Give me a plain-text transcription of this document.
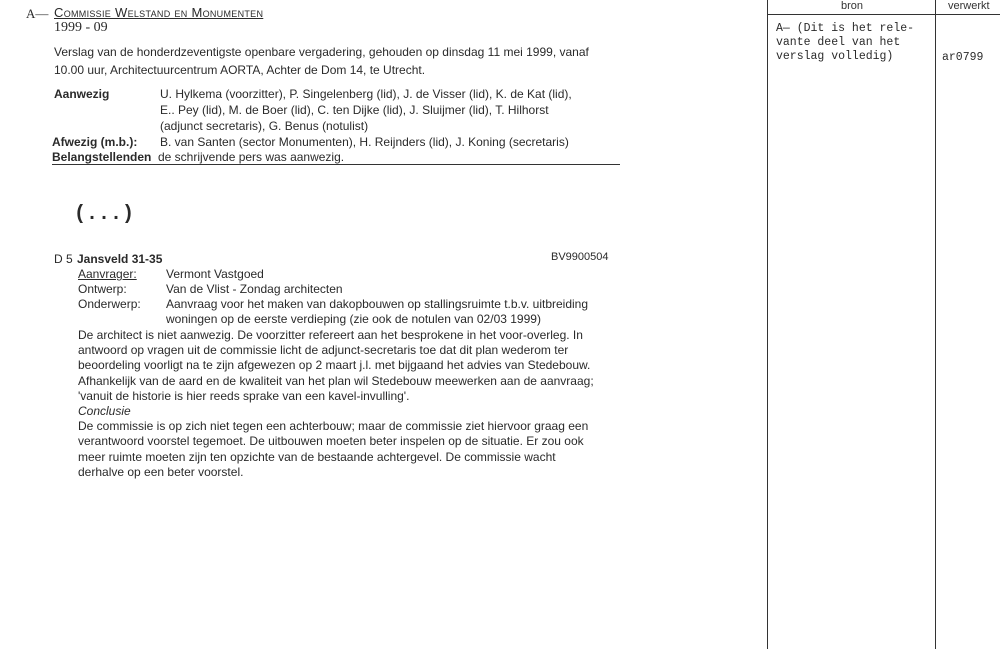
A— Commissie Welstand en Monumenten
1999 - 09
Verslag van de honderdzeventigste openbare vergadering, gehouden op dinsdag 11 mei 1999, vanaf
10.00 uur, Architectuurcentrum AORTA, Achter de Dom 14, te Utrecht.
Aanwezig	U. Hylkema (voorzitter), P. Singelenberg (lid), J. de Visser (lid), K. de Kat (lid),
E.. Pey (lid), M. de Boer (lid), C. ten Dijke (lid), J. Sluijmer (lid), T. Hilhorst
(adjunct secretaris), G. Benus (notulist)
Afwezig (m.b.): B. van Santen (sector Monumenten), H. Reijnders (lid), J. Koning (secretaris)
Belangstellenden de schrijvende pers was aanwezig.
(...)
D 5 Jansveld 31-35	BV9900504
Aanvrager: Vermont Vastgoed
Ontwerp:	Van de Vlist - Zondag architecten
Onderwerp: Aanvraag voor het maken van dakopbouwen op stallingsruimte t.b.v. uitbreiding
woningen op de eerste verdieping (zie ook de notulen van 02/03 1999)
De architect is niet aanwezig. De voorzitter refereert aan het besprokene in het voor-overleg. In
antwoord op vragen uit de commissie licht de adjunct-secretaris toe dat dit plan wederom ter
beoordeling voorligt na te zijn afgewezen op 2 maart j.l. met bijgaand het advies van Stedebouw.
Afhankelijk van de aard en de kwaliteit van het plan wil Stedebouw meewerken aan de aanvraag;
'vanuit de historie is hier reeds sprake van een kavel-invulling'.
Conclusie
De commissie is op zich niet tegen een achterbouw; maar de commissie ziet hiervoor graag een
verantwoord voorstel tegemoet. De uitbouwen moeten beter inspelen op de situatie. Er zou ook
meer ruimte moeten zijn ten opzichte van de bestaande achtergevel. De commissie wacht
derhalve op een beter voorstel.
bron	verwerkt
A— (Dit is het rele-
vante deel van het
verslag volledig)	ar0799
